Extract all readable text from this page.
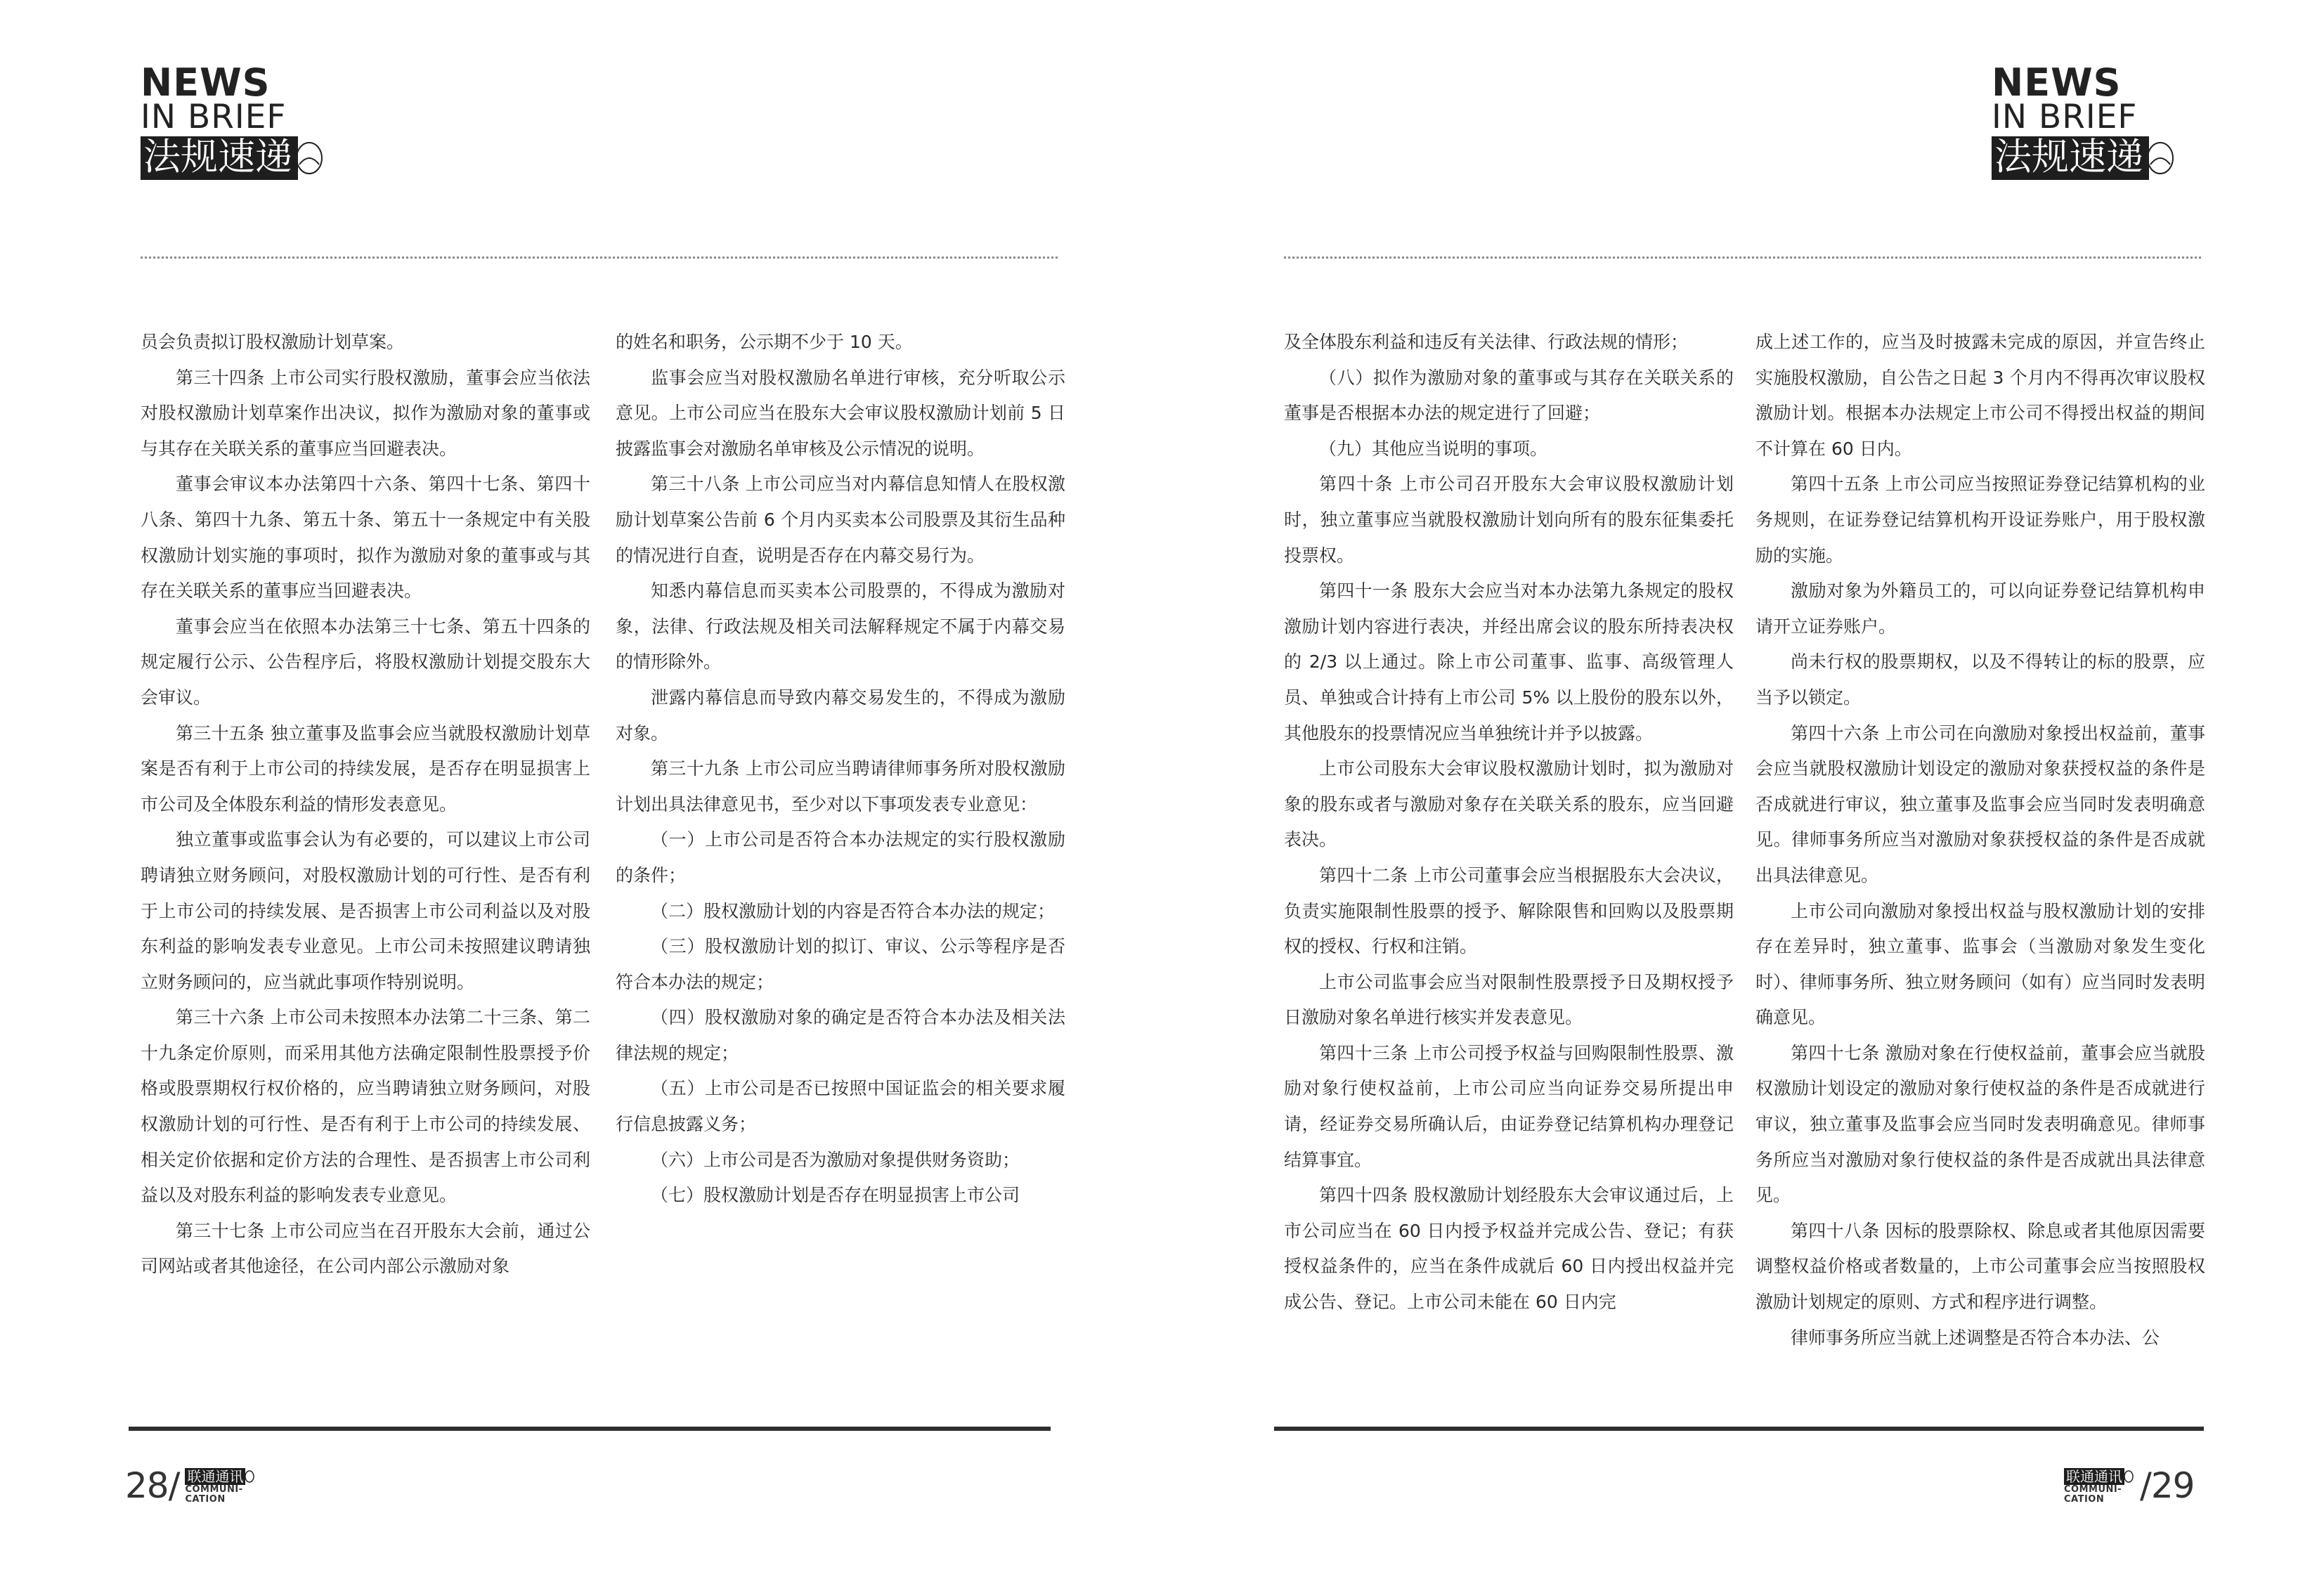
NEWS
IN BRIEF
法规速递

员会负责拟订股权激励计划草案。

第三十四条 上市公司实行股权激励，董事会应当依法对股权激励计划草案作出决议，拟作为激励对象的董事或与其存在关联关系的董事应当回避表决。

董事会审议本办法第四十六条、第四十七条、第四十八条、第四十九条、第五十条、第五十一条规定中有关股权激励计划实施的事项时，拟作为激励对象的董事或与其存在关联关系的董事应当回避表决。

董事会应当在依照本办法第三十七条、第五十四条的规定履行公示、公告程序后，将股权激励计划提交股东大会审议。

第三十五条 独立董事及监事会应当就股权激励计划草案是否有利于上市公司的持续发展，是否存在明显损害上市公司及全体股东利益的情形发表意见。

独立董事或监事会认为有必要的，可以建议上市公司聘请独立财务顾问，对股权激励计划的可行性、是否有利于上市公司的持续发展、是否损害上市公司利益以及对股东利益的影响发表专业意见。上市公司未按照建议聘请独立财务顾问的，应当就此事项作特别说明。

第三十六条 上市公司未按照本办法第二十三条、第二十九条定价原则，而采用其他方法确定限制性股票授予价格或股票期权行权价格的，应当聘请独立财务顾问，对股权激励计划的可行性、是否有利于上市公司的持续发展、相关定价依据和定价方法的合理性、是否损害上市公司利益以及对股东利益的影响发表专业意见。

第三十七条 上市公司应当在召开股东大会前，通过公司网站或者其他途径，在公司内部公示激励对象

的姓名和职务，公示期不少于 10 天。

监事会应当对股权激励名单进行审核，充分听取公示意见。上市公司应当在股东大会审议股权激励计划前 5 日披露监事会对激励名单审核及公示情况的说明。

第三十八条 上市公司应当对内幕信息知情人在股权激励计划草案公告前 6 个月内买卖本公司股票及其衍生品种的情况进行自查，说明是否存在内幕交易行为。

知悉内幕信息而买卖本公司股票的，不得成为激励对象，法律、行政法规及相关司法解释规定不属于内幕交易的情形除外。

泄露内幕信息而导致内幕交易发生的，不得成为激励对象。

第三十九条 上市公司应当聘请律师事务所对股权激励计划出具法律意见书，至少对以下事项发表专业意见：

（一）上市公司是否符合本办法规定的实行股权激励的条件；

（二）股权激励计划的内容是否符合本办法的规定；

（三）股权激励计划的拟订、审议、公示等程序是否符合本办法的规定；

（四）股权激励对象的确定是否符合本办法及相关法律法规的规定；

（五）上市公司是否已按照中国证监会的相关要求履行信息披露义务；

（六）上市公司是否为激励对象提供财务资助；

（七）股权激励计划是否存在明显损害上市公司

28/ 联通通讯
COMMUNI-
CATION
NEWS
IN BRIEF
法规速递

及全体股东利益和违反有关法律、行政法规的情形；

（八）拟作为激励对象的董事或与其存在关联关系的董事是否根据本办法的规定进行了回避；

（九）其他应当说明的事项。

第四十条 上市公司召开股东大会审议股权激励计划时，独立董事应当就股权激励计划向所有的股东征集委托投票权。

第四十一条 股东大会应当对本办法第九条规定的股权激励计划内容进行表决，并经出席会议的股东所持表决权的 2/3 以上通过。除上市公司董事、监事、高级管理人员、单独或合计持有上市公司 5% 以上股份的股东以外，其他股东的投票情况应当单独统计并予以披露。

上市公司股东大会审议股权激励计划时，拟为激励对象的股东或者与激励对象存在关联关系的股东，应当回避表决。

第四十二条 上市公司董事会应当根据股东大会决议，负责实施限制性股票的授予、解除限售和回购以及股票期权的授权、行权和注销。

上市公司监事会应当对限制性股票授予日及期权授予日激励对象名单进行核实并发表意见。

第四十三条 上市公司授予权益与回购限制性股票、激励对象行使权益前，上市公司应当向证券交易所提出申请，经证券交易所确认后，由证券登记结算机构办理登记结算事宜。

第四十四条 股权激励计划经股东大会审议通过后，上市公司应当在 60 日内授予权益并完成公告、登记；有获授权益条件的，应当在条件成就后 60 日内授出权益并完成公告、登记。上市公司未能在 60 日内完

成上述工作的，应当及时披露未完成的原因，并宣告终止实施股权激励，自公告之日起 3 个月内不得再次审议股权激励计划。根据本办法规定上市公司不得授出权益的期间不计算在 60 日内。

第四十五条 上市公司应当按照证券登记结算机构的业务规则，在证券登记结算机构开设证券账户，用于股权激励的实施。

激励对象为外籍员工的，可以向证券登记结算机构申请开立证券账户。

尚未行权的股票期权，以及不得转让的标的股票，应当予以锁定。

第四十六条 上市公司在向激励对象授出权益前，董事会应当就股权激励计划设定的激励对象获授权益的条件是否成就进行审议，独立董事及监事会应当同时发表明确意见。律师事务所应当对激励对象获授权益的条件是否成就出具法律意见。

上市公司向激励对象授出权益与股权激励计划的安排存在差异时，独立董事、监事会（当激励对象发生变化时）、律师事务所、独立财务顾问（如有）应当同时发表明确意见。

第四十七条 激励对象在行使权益前，董事会应当就股权激励计划设定的激励对象行使权益的条件是否成就进行审议，独立董事及监事会应当同时发表明确意见。律师事务所应当对激励对象行使权益的条件是否成就出具法律意见。

第四十八条 因标的股票除权、除息或者其他原因需要调整权益价格或者数量的，上市公司董事会应当按照股权激励计划规定的原则、方式和程序进行调整。

律师事务所应当就上述调整是否符合本办法、公

联通通讯
COMMUNI-
CATION	/29
